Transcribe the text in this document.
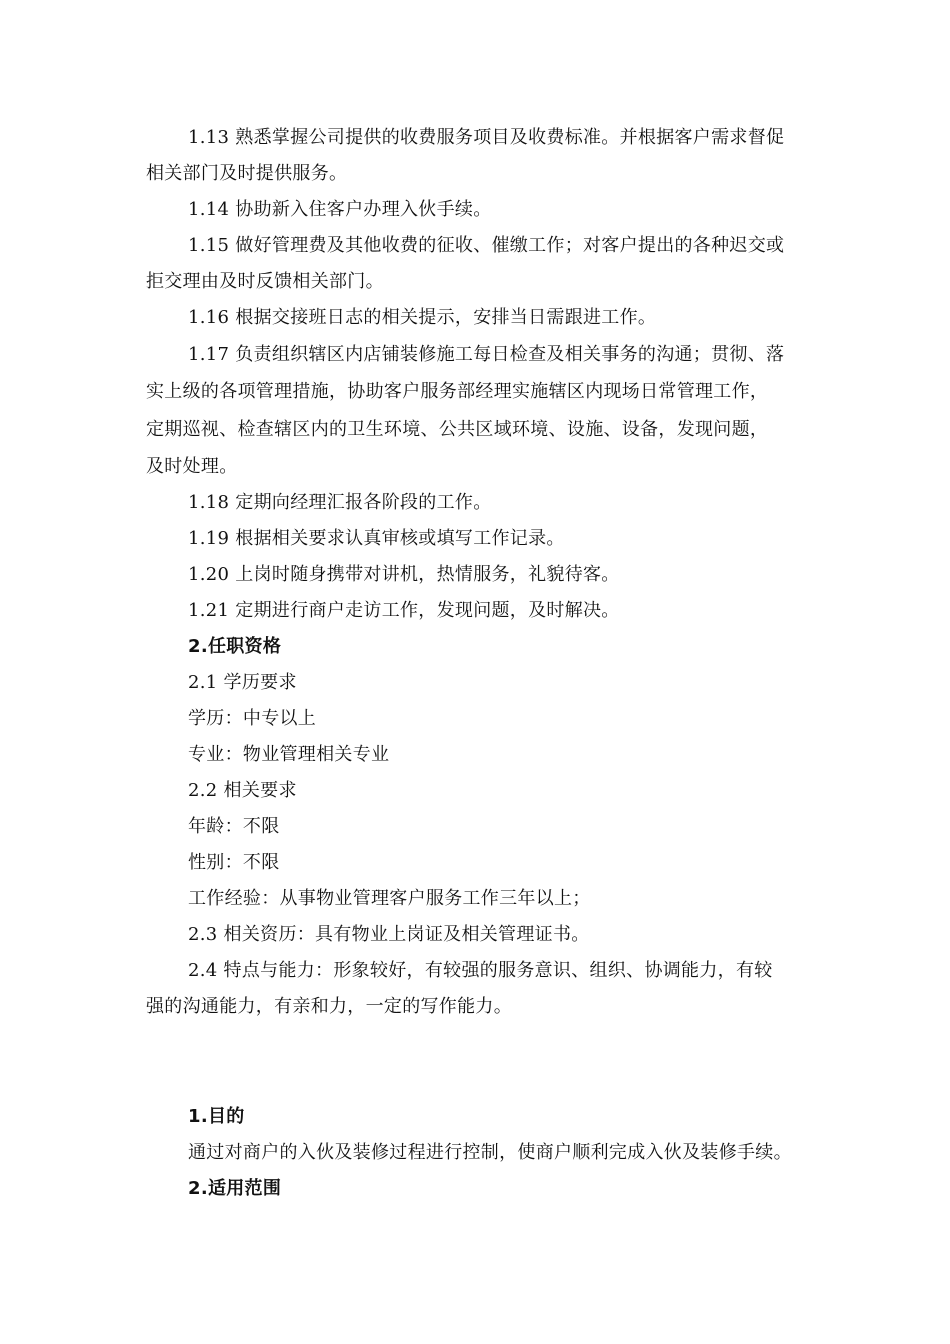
1.13 熟悉掌握公司提供的收费服务项目及收费标准。并根据客户需求督促
相关部门及时提供服务。
1.14 协助新入住客户办理入伙手续。
1.15 做好管理费及其他收费的征收、催缴工作；对客户提出的各种迟交或
拒交理由及时反馈相关部门。
1.16 根据交接班日志的相关提示，安排当日需跟进工作。
1.17 负责组织辖区内店铺装修施工每日检查及相关事务的沟通；贯彻、落
实上级的各项管理措施，协助客户服务部经理实施辖区内现场日常管理工作，
定期巡视、检查辖区内的卫生环境、公共区域环境、设施、设备，发现问题，
及时处理。
1.18 定期向经理汇报各阶段的工作。
1.19 根据相关要求认真审核或填写工作记录。
1.20 上岗时随身携带对讲机，热情服务，礼貌待客。
1.21 定期进行商户走访工作，发现问题，及时解决。
2.任职资格
2.1 学历要求
学历：中专以上
专业：物业管理相关专业
2.2 相关要求
年龄：不限
性别：不限
工作经验：从事物业管理客户服务工作三年以上；
2.3 相关资历：具有物业上岗证及相关管理证书。
2.4 特点与能力：形象较好，有较强的服务意识、组织、协调能力，有较
强的沟通能力，有亲和力，一定的写作能力。
1.目的
通过对商户的入伙及装修过程进行控制，使商户顺利完成入伙及装修手续。
2.适用范围
